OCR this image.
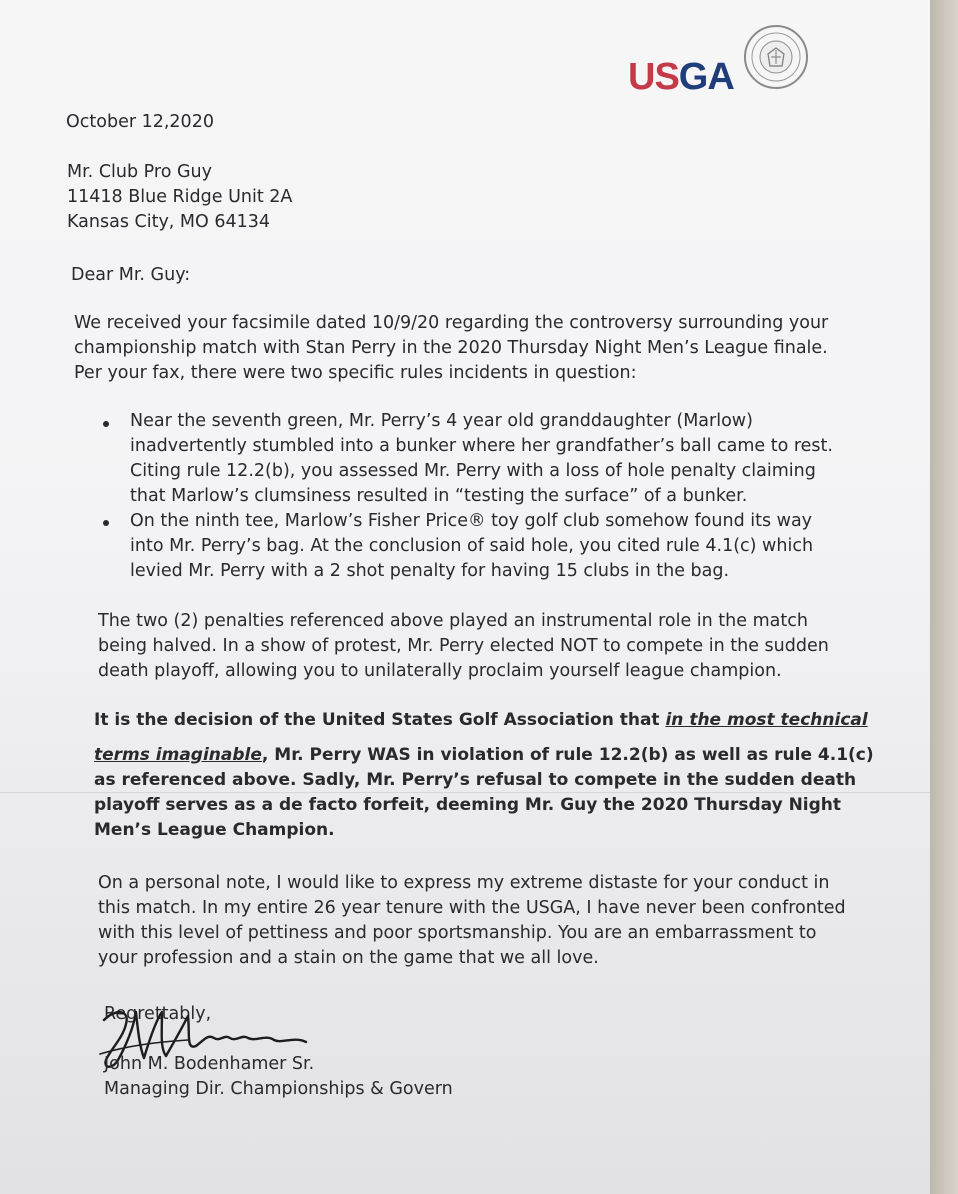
USGA
October 12,2020
Mr. Club Pro Guy
11418 Blue Ridge Unit 2A
Kansas City, MO 64134
Dear Mr. Guy:
We received your facsimile dated 10/9/20 regarding the controversy surrounding your
championship match with Stan Perry in the 2020 Thursday Night Men’s League finale.
Per your fax, there were two specific rules incidents in question:
Near the seventh green, Mr. Perry’s 4 year old granddaughter (Marlow)
inadvertently stumbled into a bunker where her grandfather’s ball came to rest.
Citing rule 12.2(b), you assessed Mr. Perry with a loss of hole penalty claiming
that Marlow’s clumsiness resulted in “testing the surface” of a bunker.
On the ninth tee, Marlow’s Fisher Price® toy golf club somehow found its way
into Mr. Perry’s bag. At the conclusion of said hole, you cited rule 4.1(c) which
levied Mr. Perry with a 2 shot penalty for having 15 clubs in the bag.
The two (2) penalties referenced above played an instrumental role in the match
being halved. In a show of protest, Mr. Perry elected NOT to compete in the sudden
death playoff, allowing you to unilaterally proclaim yourself league champion.
It is the decision of the United States Golf Association that in the most technical
terms imaginable, Mr. Perry WAS in violation of rule 12.2(b) as well as rule 4.1(c)
as referenced above. Sadly, Mr. Perry’s refusal to compete in the sudden death
playoff serves as a de facto forfeit, deeming Mr. Guy the 2020 Thursday Night
Men’s League Champion.
On a personal note, I would like to express my extreme distaste for your conduct in
this match. In my entire 26 year tenure with the USGA, I have never been confronted
with this level of pettiness and poor sportsmanship. You are an embarrassment to
your profession and a stain on the game that we all love.
Regrettably,
John M. Bodenhamer Sr.
Managing Dir. Championships & Govern
